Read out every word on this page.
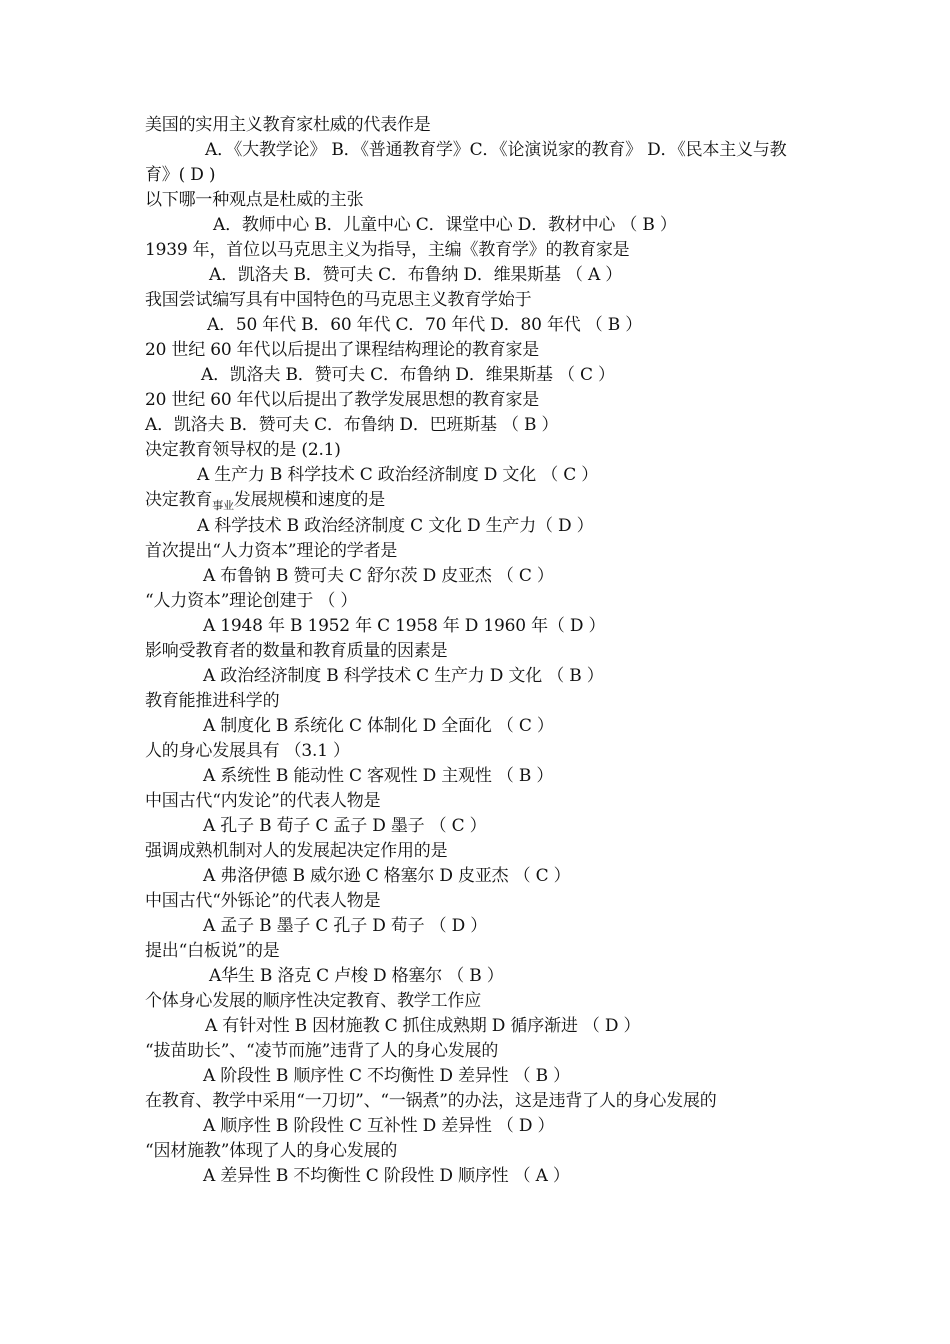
美国的实用主义教育家杜威的代表作是

A．《大教学论》 B．《普通教育学》C．《论演说家的教育》 D．《民本主义与教育》( D )

以下哪一种观点是杜威的主张

A．教师中心 B．儿童中心 C．课堂中心 D．教材中心 （ B ）

1939 年，首位以马克思主义为指导，主编《教育学》的教育家是

A．凯洛夫 B．赞可夫 C．布鲁纳 D．维果斯基 （ A ）

我国尝试编写具有中国特色的马克思主义教育学始于

A．50 年代 B．60 年代 C．70 年代 D．80 年代 （ B ）

20 世纪 60 年代以后提出了课程结构理论的教育家是

A．凯洛夫 B．赞可夫 C．布鲁纳 D．维果斯基 （ C ）

20 世纪 60 年代以后提出了教学发展思想的教育家是

A．凯洛夫 B．赞可夫 C．布鲁纳 D．巴班斯基 （ B ）

决定教育领导权的是 (2.1)

A 生产力 B 科学技术 C 政治经济制度 D 文化 （ C ）

决定教育$_{事业}$发展规模和速度的是

A 科学技术 B 政治经济制度 C 文化 D 生产力（ D ）

首次提出“人力资本”理论的学者是

A 布鲁钠 B 赞可夫 C 舒尔茨 D 皮亚杰 （ C ）

“人力资本”理论创建于 （ ）

A 1948 年 B 1952 年 C 1958 年 D 1960 年（ D ）

影响受教育者的数量和教育质量的因素是

A 政治经济制度 B 科学技术 C 生产力 D 文化 （ B ）

教育能推进科学的

A 制度化 B 系统化 C 体制化 D 全面化 （ C ）

人的身心发展具有 （3.1 ）

A 系统性 B 能动性 C 客观性 D 主观性 （ B ）

中国古代“内发论”的代表人物是

A 孔子 B 荀子 C 孟子 D 墨子 （ C ）

强调成熟机制对人的发展起决定作用的是

A 弗洛伊德 B 威尔逊 C 格塞尔 D 皮亚杰 （ C ）

中国古代“外铄论”的代表人物是

A 孟子 B 墨子 C 孔子 D 荀子 （ D ）

提出“白板说”的是

A华生 B 洛克 C 卢梭 D 格塞尔 （ B ）

个体身心发展的顺序性决定教育、教学工作应

A 有针对性 B 因材施教 C 抓住成熟期 D 循序渐进 （ D ）

“拔苗助长”、“凌节而施”违背了人的身心发展的

A 阶段性 B 顺序性 C 不均衡性 D 差异性 （ B ）

在教育、教学中采用“一刀切”、“一锅煮”的办法，这是违背了人的身心发展的

A 顺序性 B 阶段性 C 互补性 D 差异性 （ D ）

“因材施教”体现了人的身心发展的

A 差异性 B 不均衡性 C 阶段性 D 顺序性 （ A ）
